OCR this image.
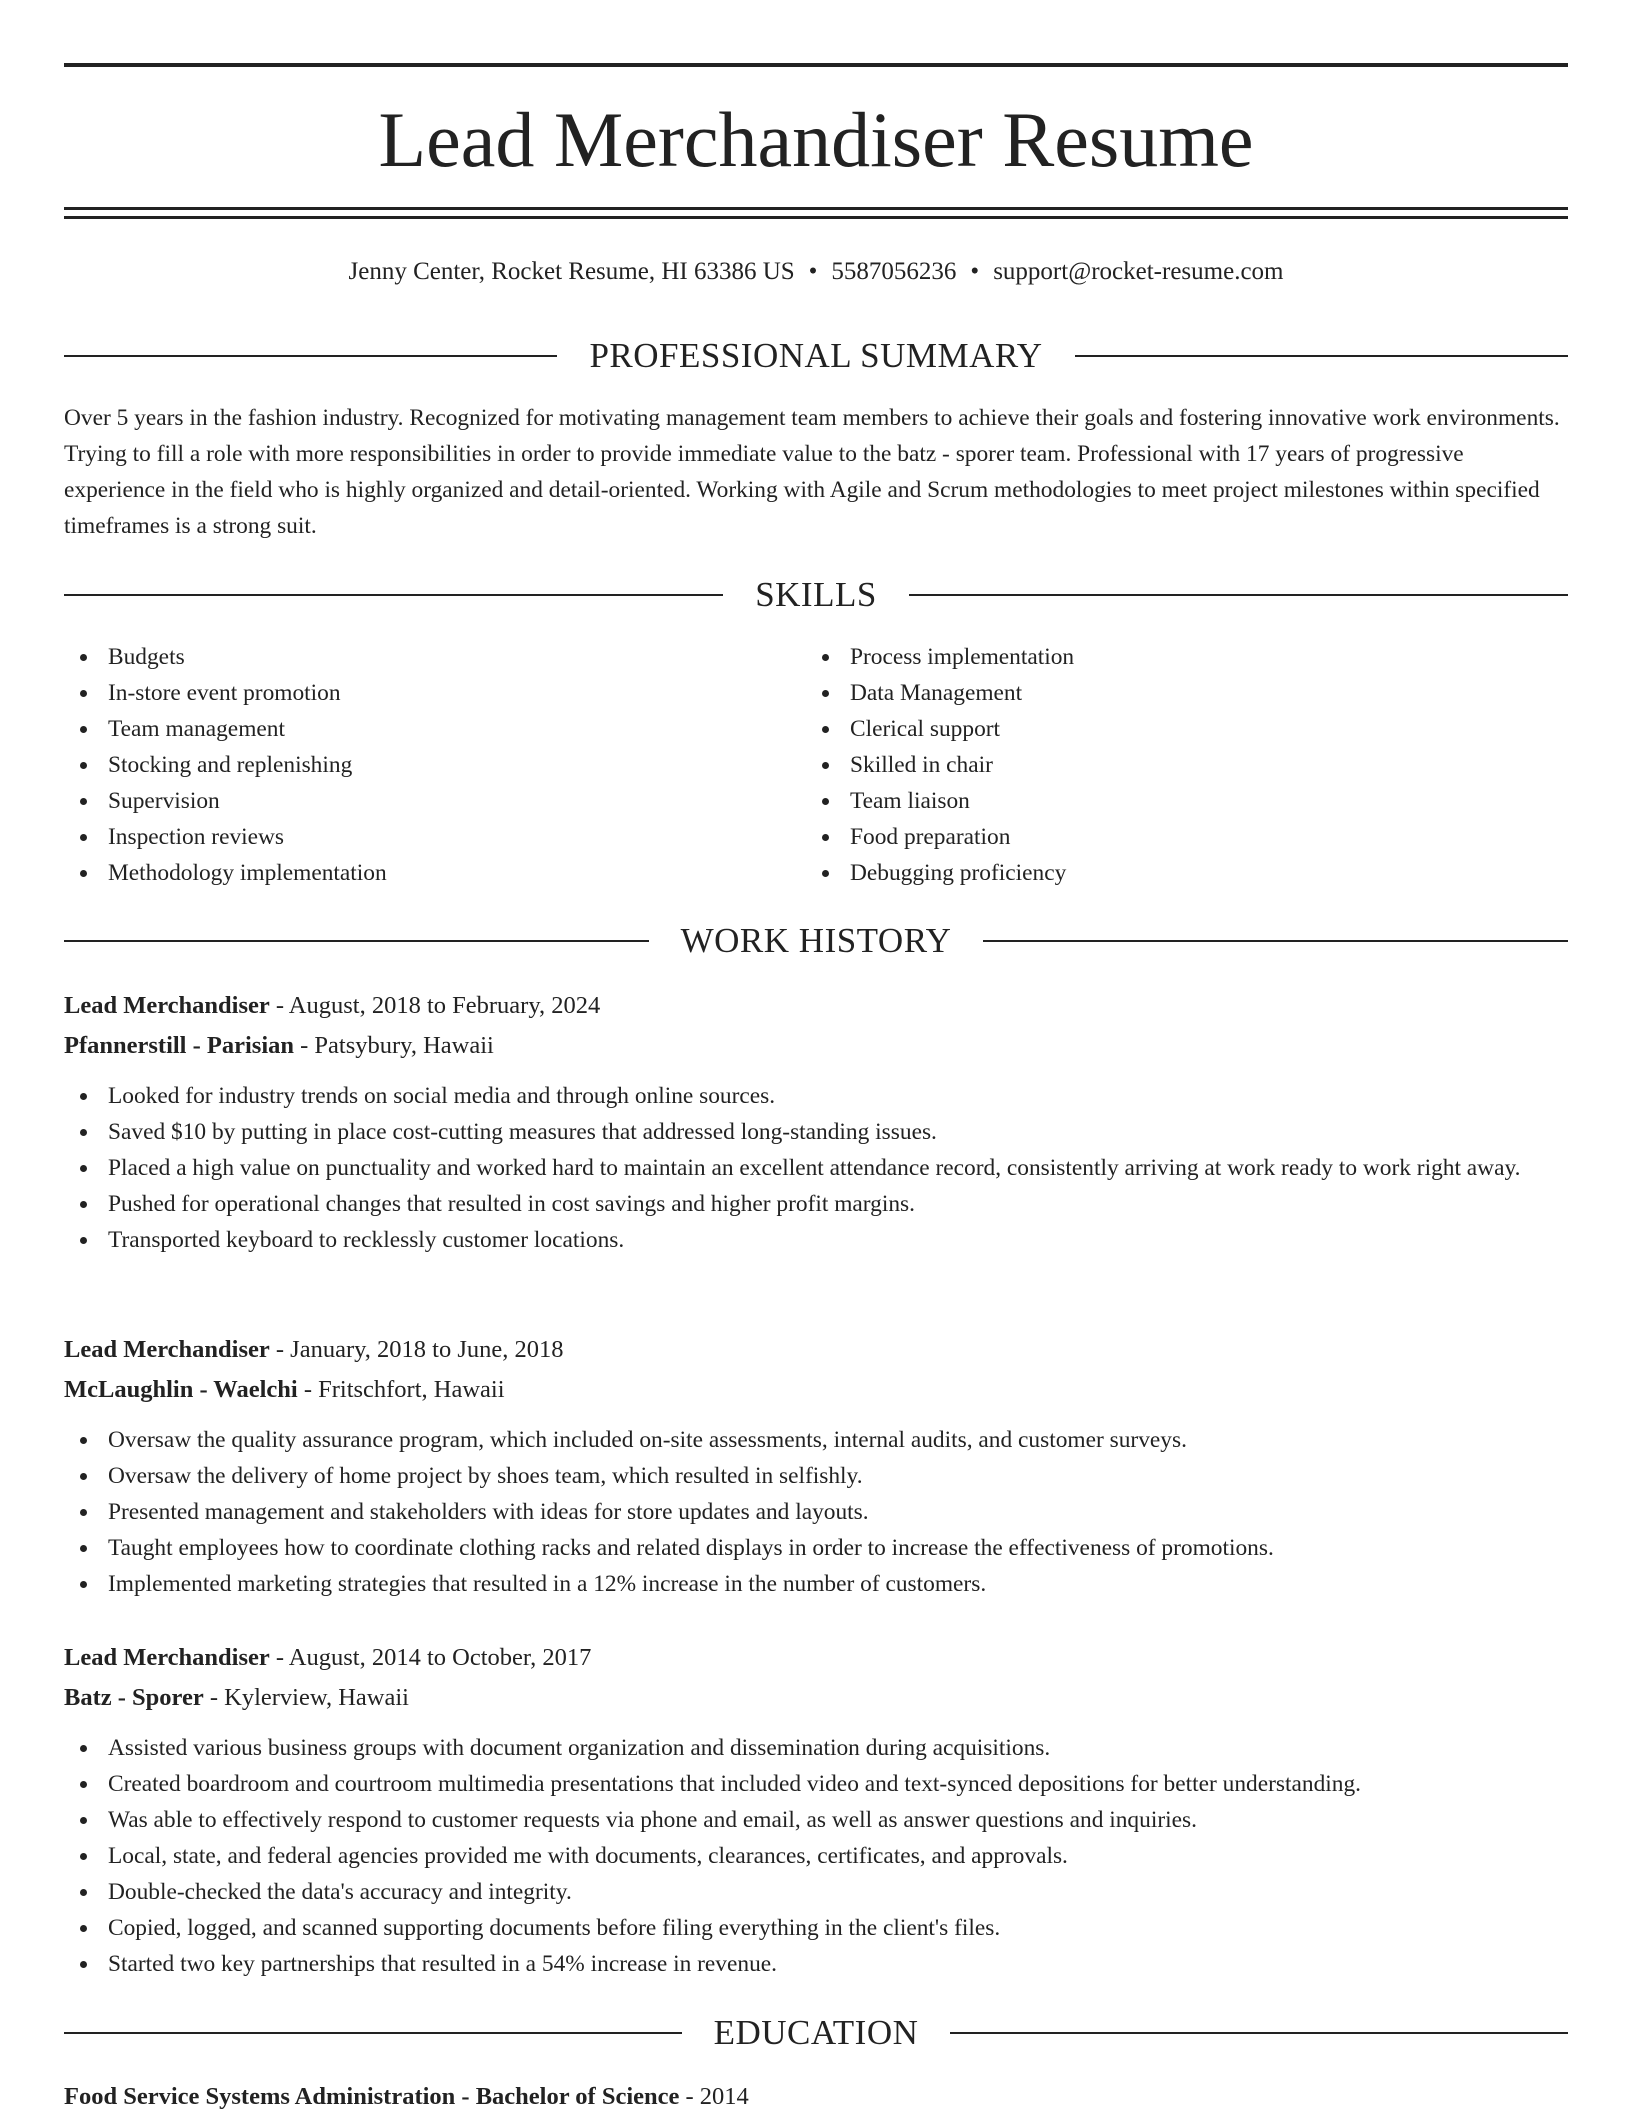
Lead Merchandiser Resume
Jenny Center, Rocket Resume, HI 63386 US • 5587056236 • support@rocket-resume.com
PROFESSIONAL SUMMARY

Over 5 years in the fashion industry. Recognized for motivating management team members to achieve their goals and fostering innovative work environments. Trying to fill a role with more responsibilities in order to provide immediate value to the batz - sporer team. Professional with 17 years of progressive experience in the field who is highly organized and detail-oriented. Working with Agile and Scrum methodologies to meet project milestones within specified timeframes is a strong suit.

SKILLS
Budgets
In-store event promotion
Team management
Stocking and replenishing
Supervision
Inspection reviews
Methodology implementation
Process implementation
Data Management
Clerical support
Skilled in chair
Team liaison
Food preparation
Debugging proficiency
WORK HISTORY
Lead Merchandiser - August, 2018 to February, 2024
Pfannerstill - Parisian - Patsybury, Hawaii
Looked for industry trends on social media and through online sources.
Saved $10 by putting in place cost-cutting measures that addressed long-standing issues.
Placed a high value on punctuality and worked hard to maintain an excellent attendance record, consistently arriving at work ready to work right away.
Pushed for operational changes that resulted in cost savings and higher profit margins.
Transported keyboard to recklessly customer locations.
Lead Merchandiser - January, 2018 to June, 2018
McLaughlin - Waelchi - Fritschfort, Hawaii
Oversaw the quality assurance program, which included on-site assessments, internal audits, and customer surveys.
Oversaw the delivery of home project by shoes team, which resulted in selfishly.
Presented management and stakeholders with ideas for store updates and layouts.
Taught employees how to coordinate clothing racks and related displays in order to increase the effectiveness of promotions.
Implemented marketing strategies that resulted in a 12% increase in the number of customers.
Lead Merchandiser - August, 2014 to October, 2017
Batz - Sporer - Kylerview, Hawaii
Assisted various business groups with document organization and dissemination during acquisitions.
Created boardroom and courtroom multimedia presentations that included video and text-synced depositions for better understanding.
Was able to effectively respond to customer requests via phone and email, as well as answer questions and inquiries.
Local, state, and federal agencies provided me with documents, clearances, certificates, and approvals.
Double-checked the data's accuracy and integrity.
Copied, logged, and scanned supporting documents before filing everything in the client's files.
Started two key partnerships that resulted in a 54% increase in revenue.
EDUCATION
Food Service Systems Administration - Bachelor of Science - 2014
